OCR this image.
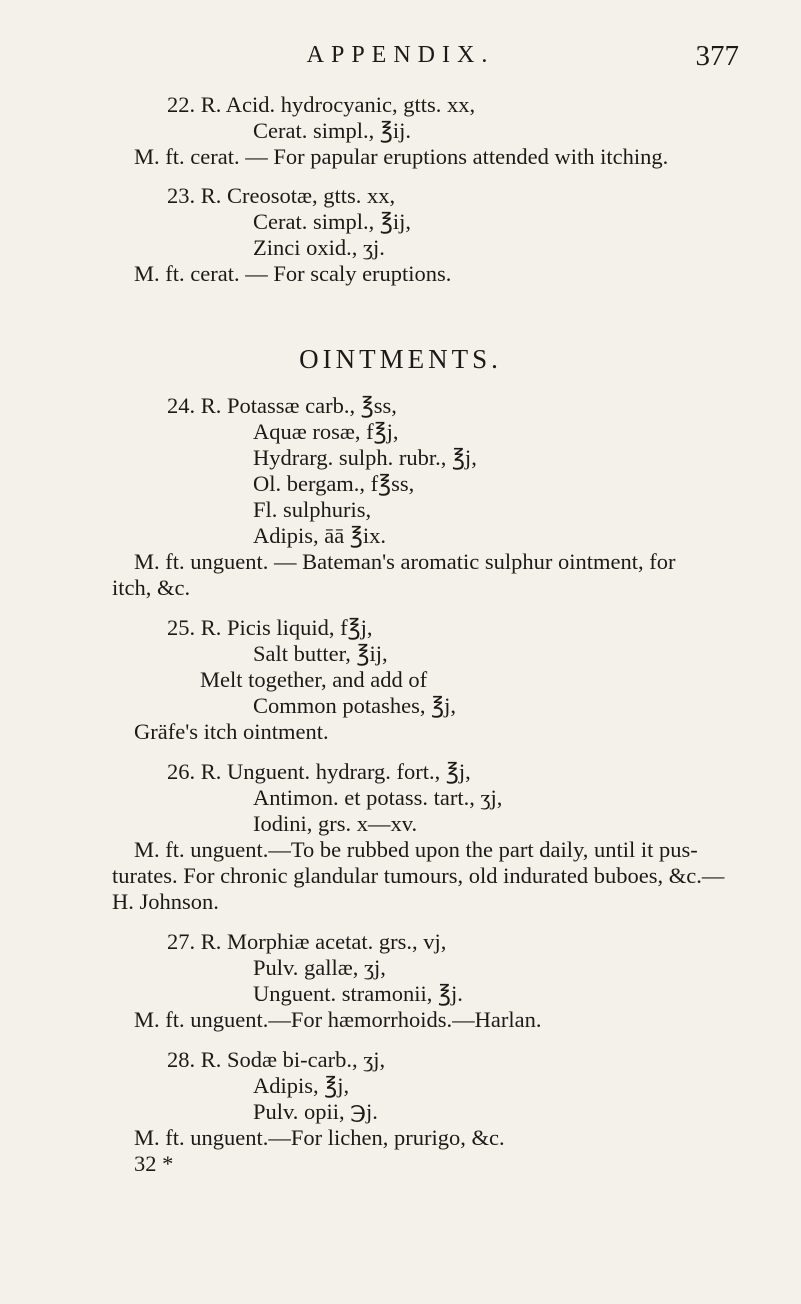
APPENDIX.	377
22. R. Acid. hydrocyanic, gtts. xx,
Cerat. simpl., ℥ij.
M. ft. cerat. — For papular eruptions attended with itching.
23. R. Creosotæ, gtts. xx,
Cerat. simpl., ℥ij,
Zinci oxid., ʒj.
M. ft. cerat. — For scaly eruptions.
OINTMENTS.
24. R. Potassæ carb., ℥ss,
Aquæ rosæ, f℥j,
Hydrarg. sulph. rubr., ℥j,
Ol. bergam., f℥ss,
Fl. sulphuris,
Adipis, āā ℥ix.
M. ft. unguent. — Bateman's aromatic sulphur ointment, for
itch, &c.
25. R. Picis liquid, f℥j,
Salt butter, ℥ij,
Melt together, and add of
Common potashes, ℥j,
Gräfe's itch ointment.
26. R. Unguent. hydrarg. fort., ℥j,
Antimon. et potass. tart., ʒj,
Iodini, grs. x—xv.
M. ft. unguent.—To be rubbed upon the part daily, until it pus-
turates. For chronic glandular tumours, old indurated buboes, &c.—
H. Johnson.
27. R. Morphiæ acetat. grs., vj,
Pulv. gallæ, ʒj,
Unguent. stramonii, ℥j.
M. ft. unguent.—For hæmorrhoids.—Harlan.
28. R. Sodæ bi-carb., ʒj,
Adipis, ℥j,
Pulv. opii, ℈j.
M. ft. unguent.—For lichen, prurigo, &c.
32 *
